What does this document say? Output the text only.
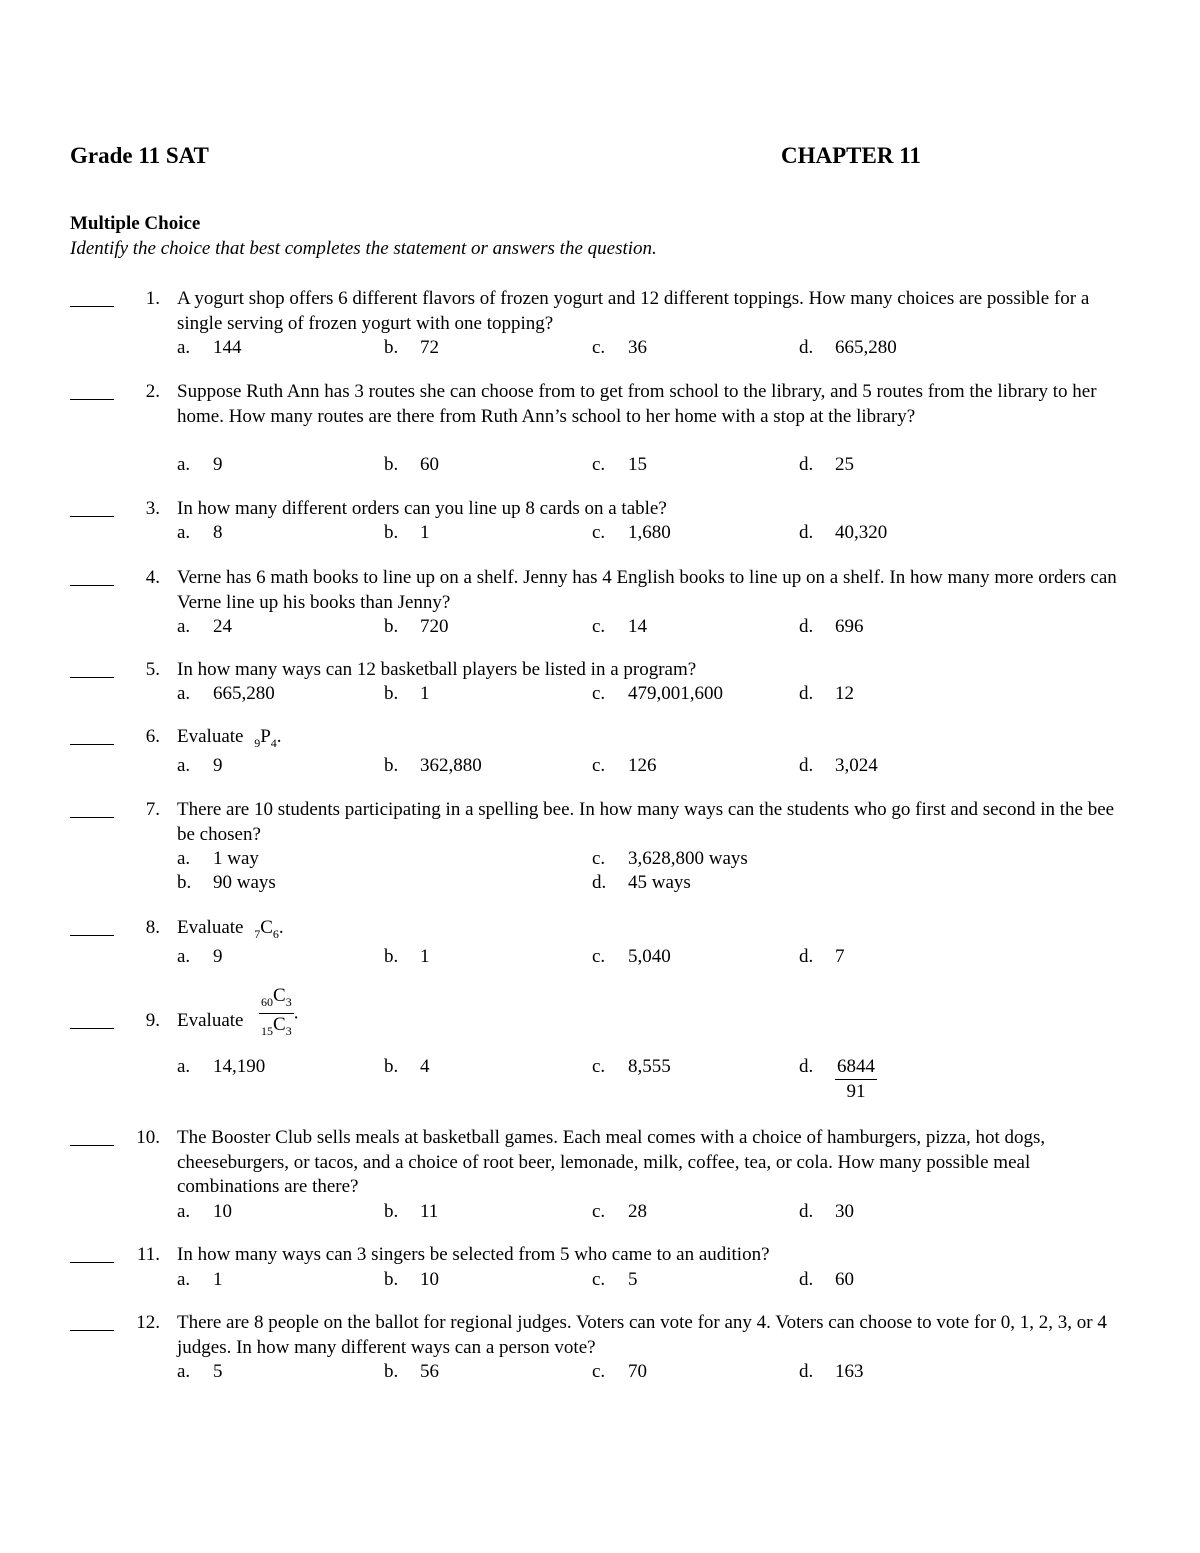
Grade 11 SAT	CHAPTER 11
Multiple Choice
Identify the choice that best completes the statement or answers the question.
1. A yogurt shop offers 6 different flavors of frozen yogurt and 12 different toppings. How many choices are possible for a single serving of frozen yogurt with one topping?
a. 144	b. 72	c. 36	d. 665,280
2. Suppose Ruth Ann has 3 routes she can choose from to get from school to the library, and 5 routes from the library to her home. How many routes are there from Ruth Ann’s school to her home with a stop at the library?
a. 9	b. 60	c. 15	d. 25
3. In how many different orders can you line up 8 cards on a table?
a. 8	b. 1	c. 1,680	d. 40,320
4. Verne has 6 math books to line up on a shelf. Jenny has 4 English books to line up on a shelf. In how many more orders can Verne line up his books than Jenny?
a. 24	b. 720	c. 14	d. 696
5. In how many ways can 12 basketball players be listed in a program?
a. 665,280	b. 1	c. 479,001,600	d. 12
6. Evaluate $_9P_4$.
a. 9	b. 362,880	c. 126	d. 3,024
7. There are 10 students participating in a spelling bee. In how many ways can the students who go first and second in the bee be chosen?
a. 1 way	c. 3,628,800 ways
b. 90 ways	d. 45 ways
8. Evaluate $_7C_6$.
a. 9	b. 1	c. 5,040	d. 7
9. Evaluate	$\frac{_{60}C_3}{_{15}C_3}$ .
a. 14,190	b. 4	c. 8,555	d. $\frac{6844}{91}$
10. The Booster Club sells meals at basketball games. Each meal comes with a choice of hamburgers, pizza, hot dogs, cheeseburgers, or tacos, and a choice of root beer, lemonade, milk, coffee, tea, or cola. How many possible meal combinations are there?
a. 10	b. 11	c. 28	d. 30
11. In how many ways can 3 singers be selected from 5 who came to an audition?
a. 1	b. 10	c. 5	d. 60
12. There are 8 people on the ballot for regional judges. Voters can vote for any 4. Voters can choose to vote for 0, 1, 2, 3, or 4 judges. In how many different ways can a person vote?
a. 5	b. 56	c. 70	d. 163
